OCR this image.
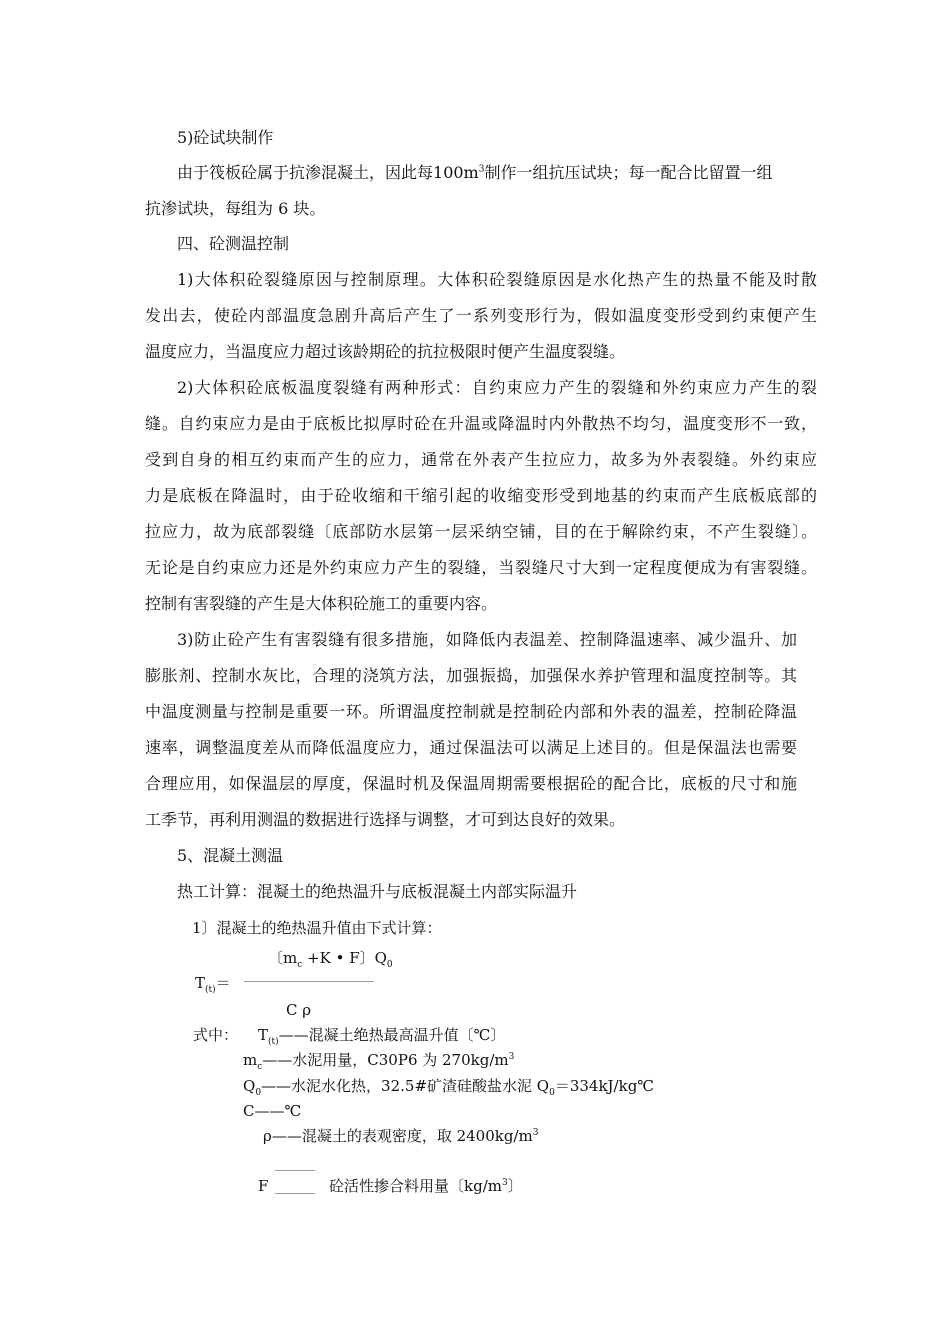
5)砼试块制作
由于筏板砼属于抗渗混凝土，因此每$100m^3$制作一组抗压试块；每一配合比留置一组
抗渗试块，每组为 6 块。
四、砼测温控制
1)大体积砼裂缝原因与控制原理。大体积砼裂缝原因是水化热产生的热量不能及时散
发出去，使砼内部温度急剧升高后产生了一系列变形行为，假如温度变形受到约束便产生
温度应力，当温度应力超过该龄期砼的抗拉极限时便产生温度裂缝。
2)大体积砼底板温度裂缝有两种形式：自约束应力产生的裂缝和外约束应力产生的裂
缝。自约束应力是由于底板比拟厚时砼在升温或降温时内外散热不均匀，温度变形不一致，
受到自身的相互约束而产生的应力，通常在外表产生拉应力，故多为外表裂缝。外约束应
力是底板在降温时，由于砼收缩和干缩引起的收缩变形受到地基的约束而产生底板底部的
拉应力，故为底部裂缝〔底部防水层第一层采纳空铺，目的在于解除约束，不产生裂缝〕。
无论是自约束应力还是外约束应力产生的裂缝，当裂缝尺寸大到一定程度便成为有害裂缝。
控制有害裂缝的产生是大体积砼施工的重要内容。
3)防止砼产生有害裂缝有很多措施，如降低内表温差、控制降温速率、减少温升、加
膨胀剂、控制水灰比，合理的浇筑方法，加强振捣，加强保水养护管理和温度控制等。其
中温度测量与控制是重要一环。所谓温度控制就是控制砼内部和外表的温差，控制砼降温
速率，调整温度差从而降低温度应力，通过保温法可以满足上述目的。但是保温法也需要
合理应用，如保温层的厚度，保温时机及保温周期需要根据砼的配合比，底板的尺寸和施
工季节，再利用测温的数据进行选择与调整，才可到达良好的效果。
5、混凝土测温
热工计算：混凝土的绝热温升与底板混凝土内部实际温升
1〕混凝土的绝热温升值由下式计算：
〔$m_c +K$ • F〕$Q_0$
$T_{(t)}=$
C ρ
式中： $T_{(t)}——$混凝土绝热最高温升值〔℃〕
$m_c——$水泥用量，C30P6 为 $270kg/m^3$
$Q_0——$水泥水化热，32.5#矿渣硅酸盐水泥 $Q_0=334kJ/kg℃$
C——℃
ρ——混凝土的表观密度，取 $2400kg/m^3$
F	砼活性掺合料用量〔$kg/m^3$〕
